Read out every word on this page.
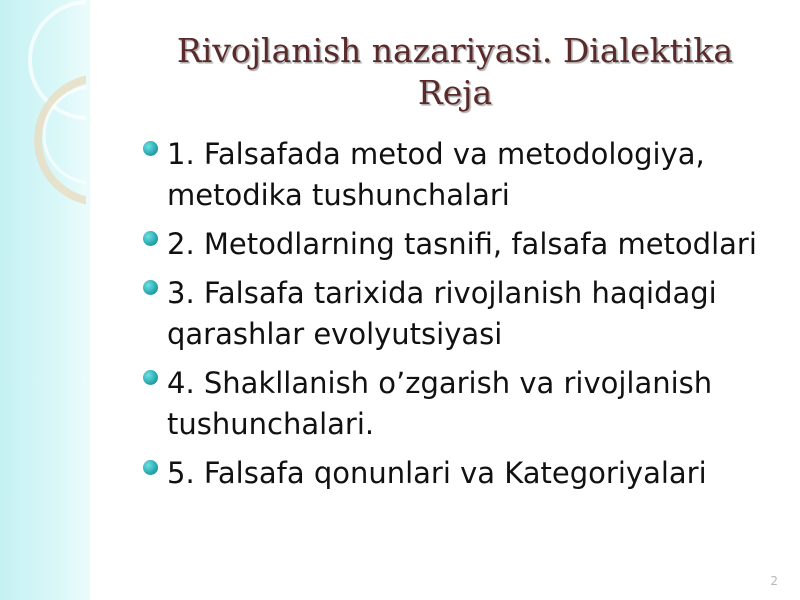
Rivojlanish nazariyasi. Dialektika
Reja
1. Falsafada metod va metodologiya, metodika tushunchalari
2. Metodlarning tasnifi, falsafa metodlari
3. Falsafa tarixida rivojlanish haqidagi qarashlar evolyutsiyasi
4. Shakllanish o’zgarish va rivojlanish tushunchalari.
5. Falsafa qonunlari va Kategoriyalari
2
